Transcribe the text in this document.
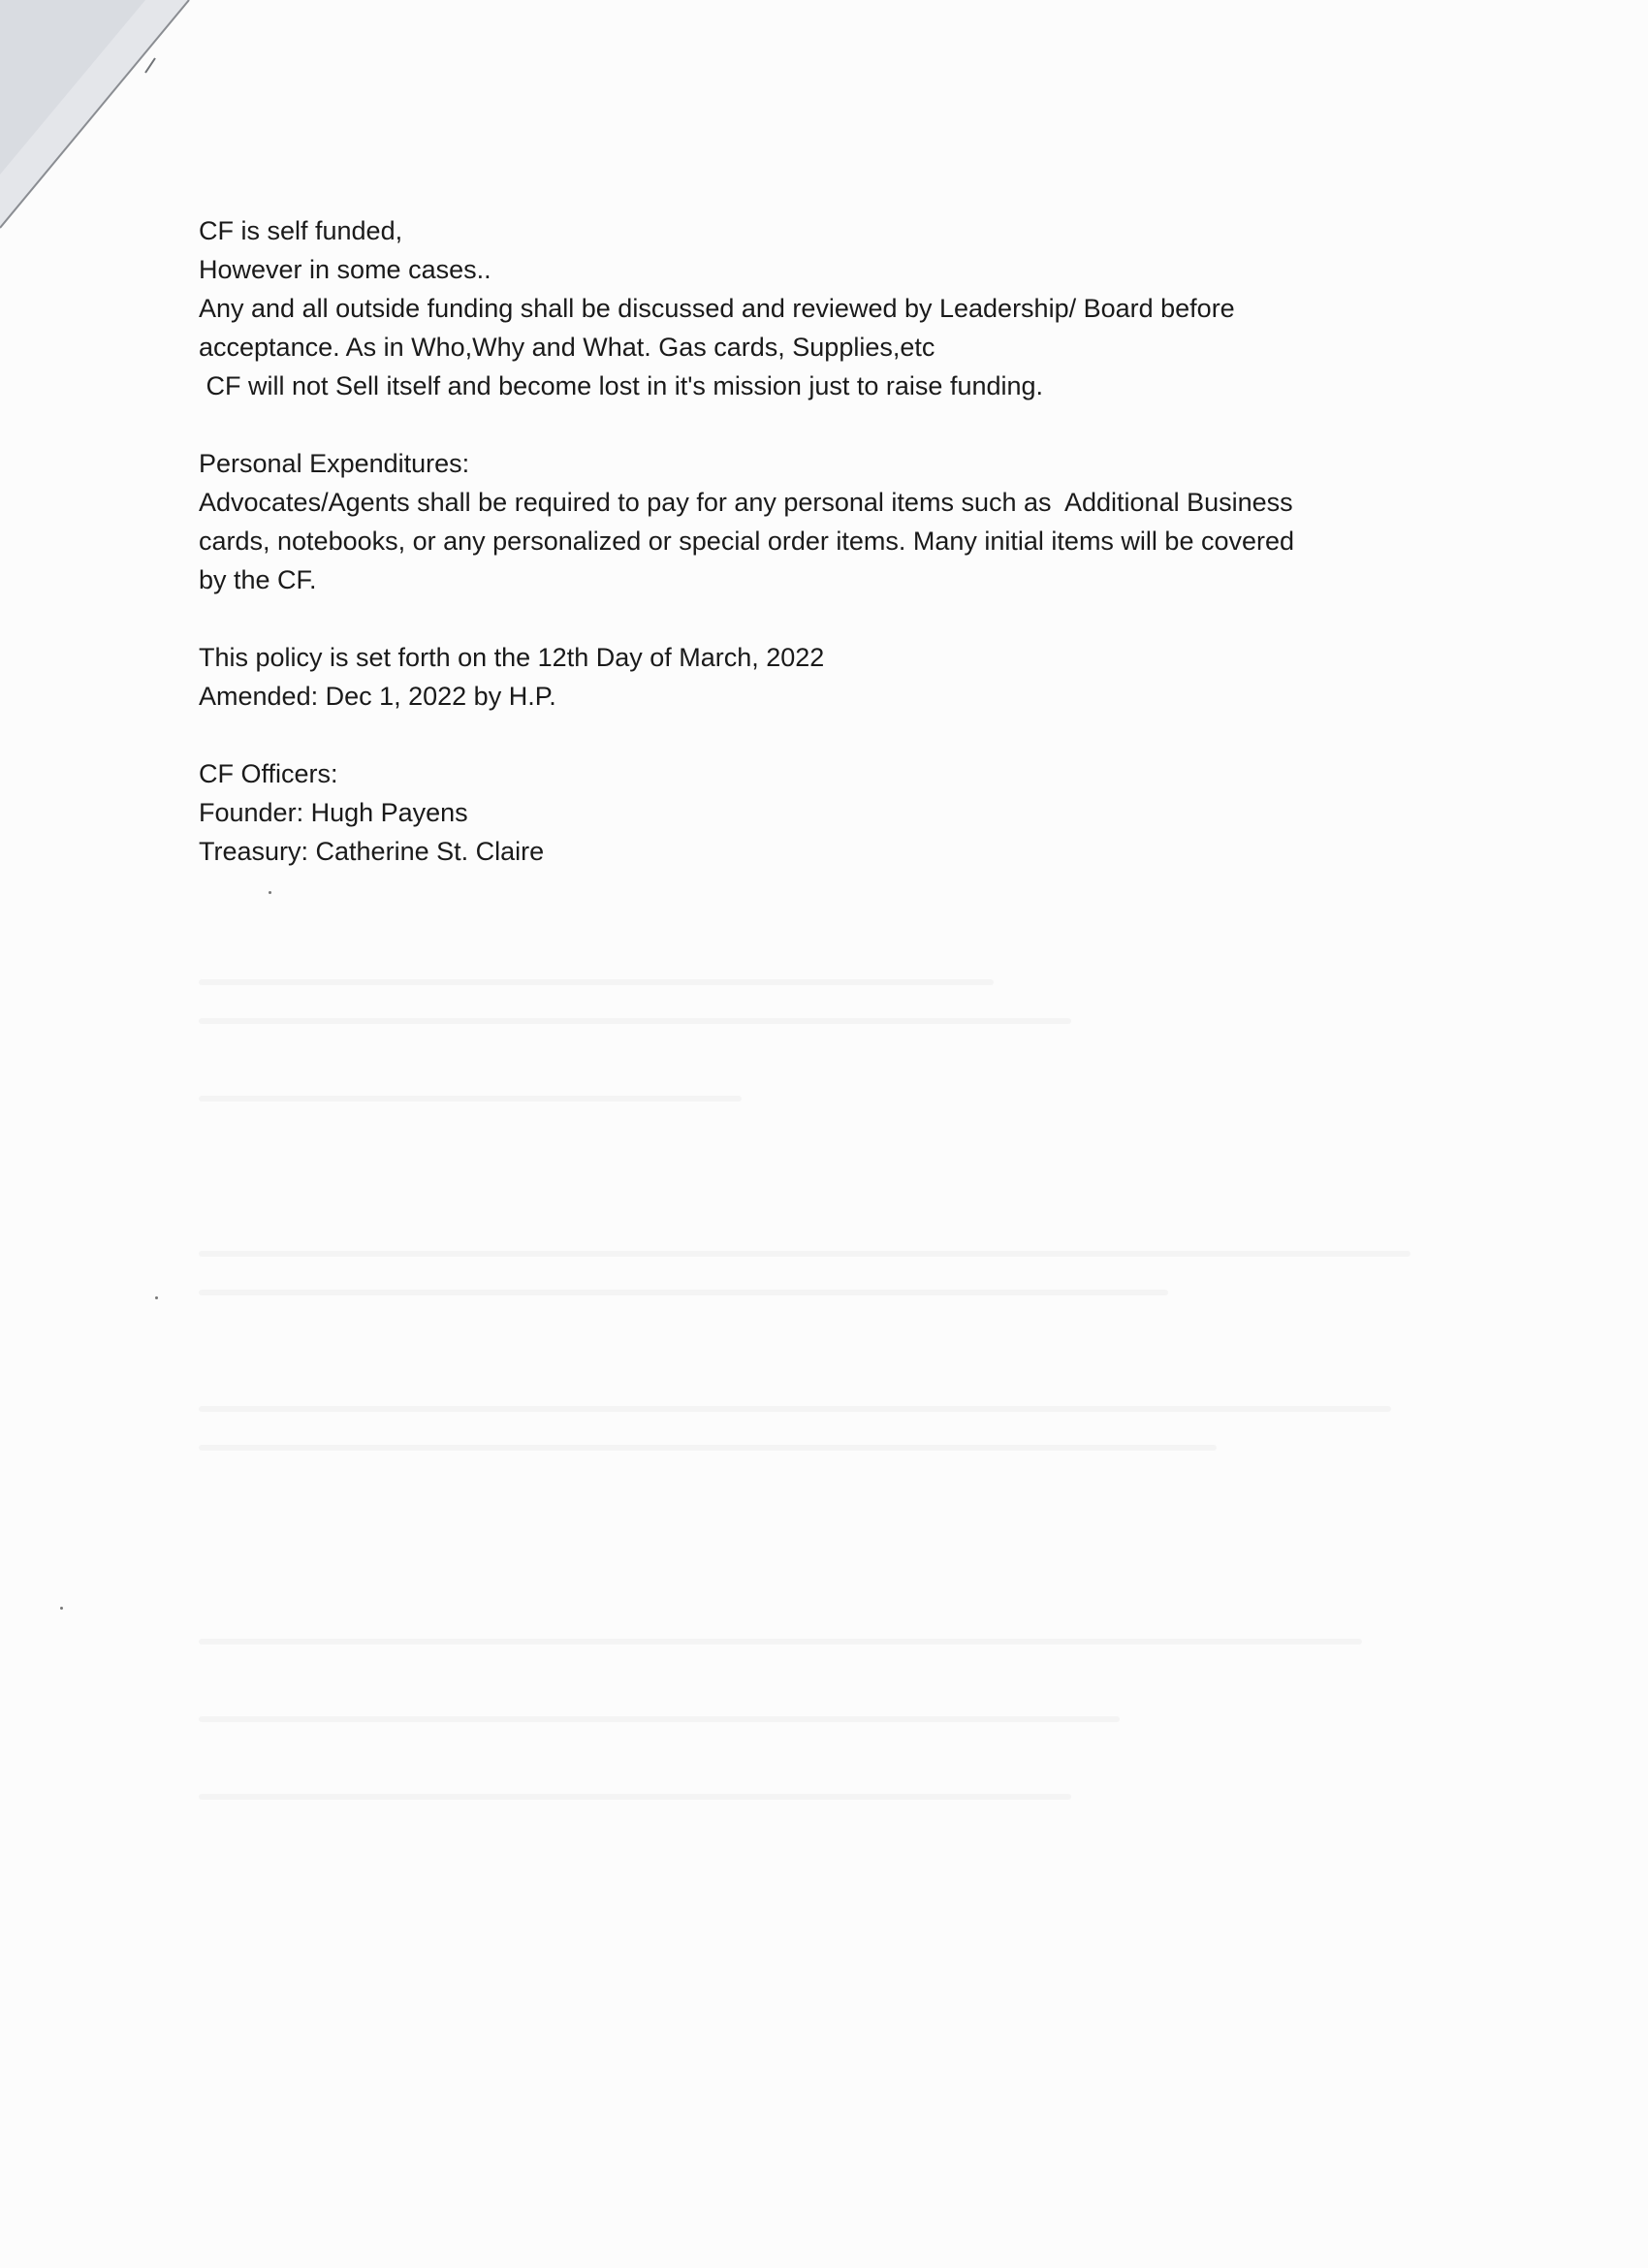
CF is self funded,
However in some cases..
Any and all outside funding shall be discussed and reviewed by Leadership/ Board before
acceptance. As in Who,Why and What. Gas cards, Supplies,etc
CF will not Sell itself and become lost in it's mission just to raise funding.
Personal Expenditures:
Advocates/Agents shall be required to pay for any personal items such as  Additional Business
cards, notebooks, or any personalized or special order items. Many initial items will be covered
by the CF.
This policy is set forth on the 12th Day of March, 2022
Amended: Dec 1, 2022 by H.P.
CF Officers:
Founder: Hugh Payens
Treasury: Catherine St. Claire
